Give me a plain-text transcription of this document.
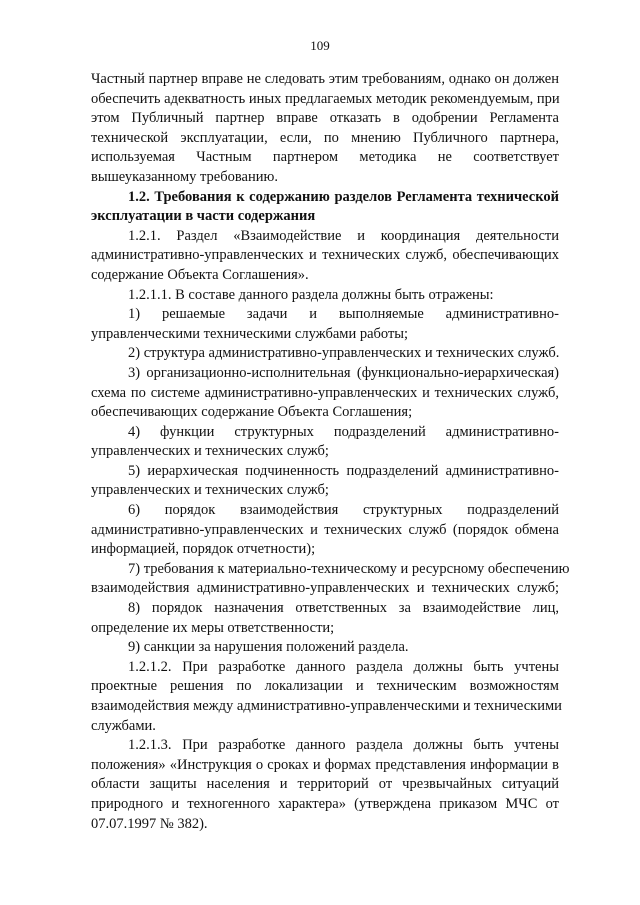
109
Частный партнер вправе не следовать этим требованиям, однако он должен
обеспечить адекватность иных предлагаемых методик рекомендуемым, при
этом Публичный партнер вправе отказать в одобрении Регламента
технической эксплуатации, если, по мнению Публичного партнера,
используемая Частным партнером методика не соответствует
вышеуказанному требованию.
1.2. Требования к содержанию разделов Регламента технической
эксплуатации в части содержания
1.2.1. Раздел «Взаимодействие и координация деятельности
административно-управленческих и технических служб, обеспечивающих
содержание Объекта Соглашения».
1.2.1.1. В составе данного раздела должны быть отражены:
1) решаемые задачи и выполняемые административно-
управленческими техническими службами работы;
2) структура административно-управленческих и технических служб.
3) организационно-исполнительная (функционально-иерархическая)
схема по системе административно-управленческих и технических служб,
обеспечивающих содержание Объекта Соглашения;
4) функции структурных подразделений административно-
управленческих и технических служб;
5) иерархическая подчиненность подразделений административно-
управленческих и технических служб;
6) порядок взаимодействия структурных подразделений
административно-управленческих и технических служб (порядок обмена
информацией, порядок отчетности);
7) требования к материально-техническому и ресурсному обеспечению
взаимодействия административно-управленческих и технических служб;
8) порядок назначения ответственных за взаимодействие лиц,
определение их меры ответственности;
9) санкции за нарушения положений раздела.
1.2.1.2. При разработке данного раздела должны быть учтены
проектные решения по локализации и техническим возможностям
взаимодействия между административно-управленческими и техническими
службами.
1.2.1.3. При разработке данного раздела должны быть учтены
положения» «Инструкция о сроках и формах представления информации в
области защиты населения и территорий от чрезвычайных ситуаций
природного и техногенного характера» (утверждена приказом МЧС от
07.07.1997 № 382).
